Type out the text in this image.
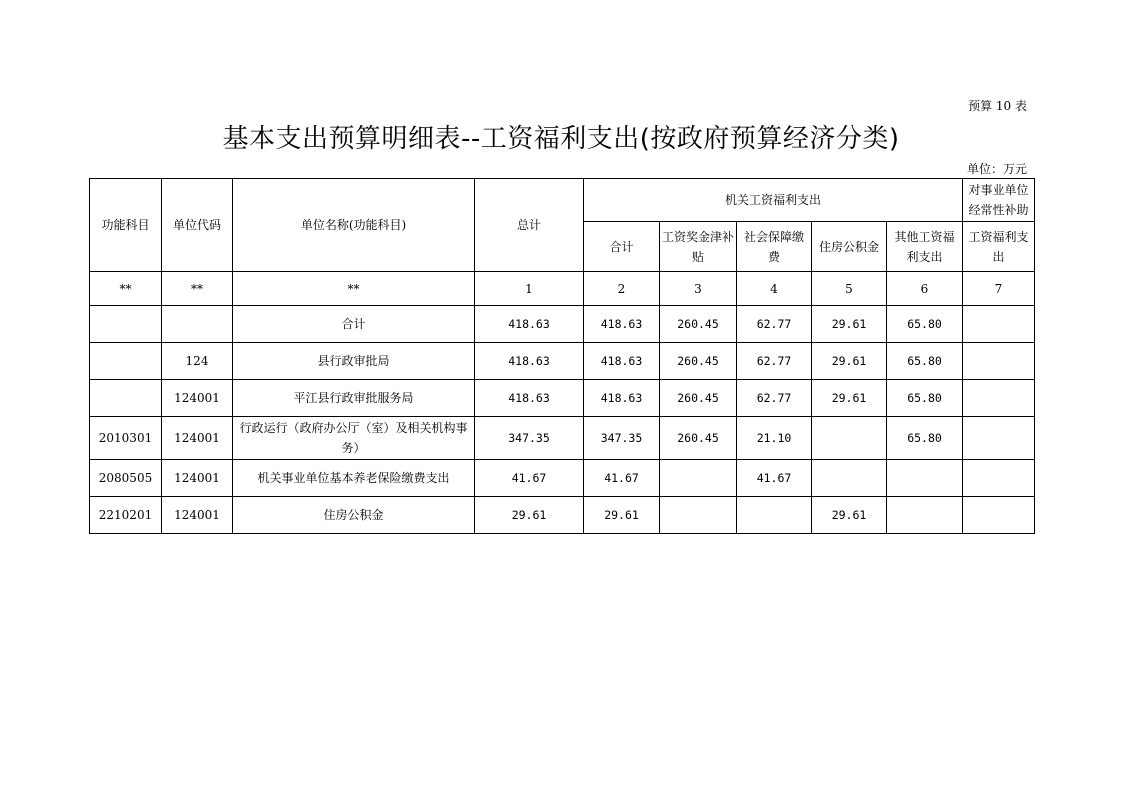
预算 10 表
基本支出预算明细表--工资福利支出(按政府预算经济分类)
单位：万元
功能科目	单位代码	单位名称(功能科目)	总计	机关工资福利支出					对事业单位经常性补助
				合计	工资奖金津补贴	社会保障缴费	住房公积金	其他工资福利支出	工资福利支出
**	**	**	1	2	3	4	5	6	7
		合计	418.63	418.63	260.45	62.77	29.61	65.80	
	124	县行政审批局	418.63	418.63	260.45	62.77	29.61	65.80	
	124001	平江县行政审批服务局	418.63	418.63	260.45	62.77	29.61	65.80	
2010301	124001	行政运行（政府办公厅（室）及相关机构事务）	347.35	347.35	260.45	21.10		65.80	
2080505	124001	机关事业单位基本养老保险缴费支出	41.67	41.67		41.67			
2210201	124001	住房公积金	29.61	29.61			29.61		
